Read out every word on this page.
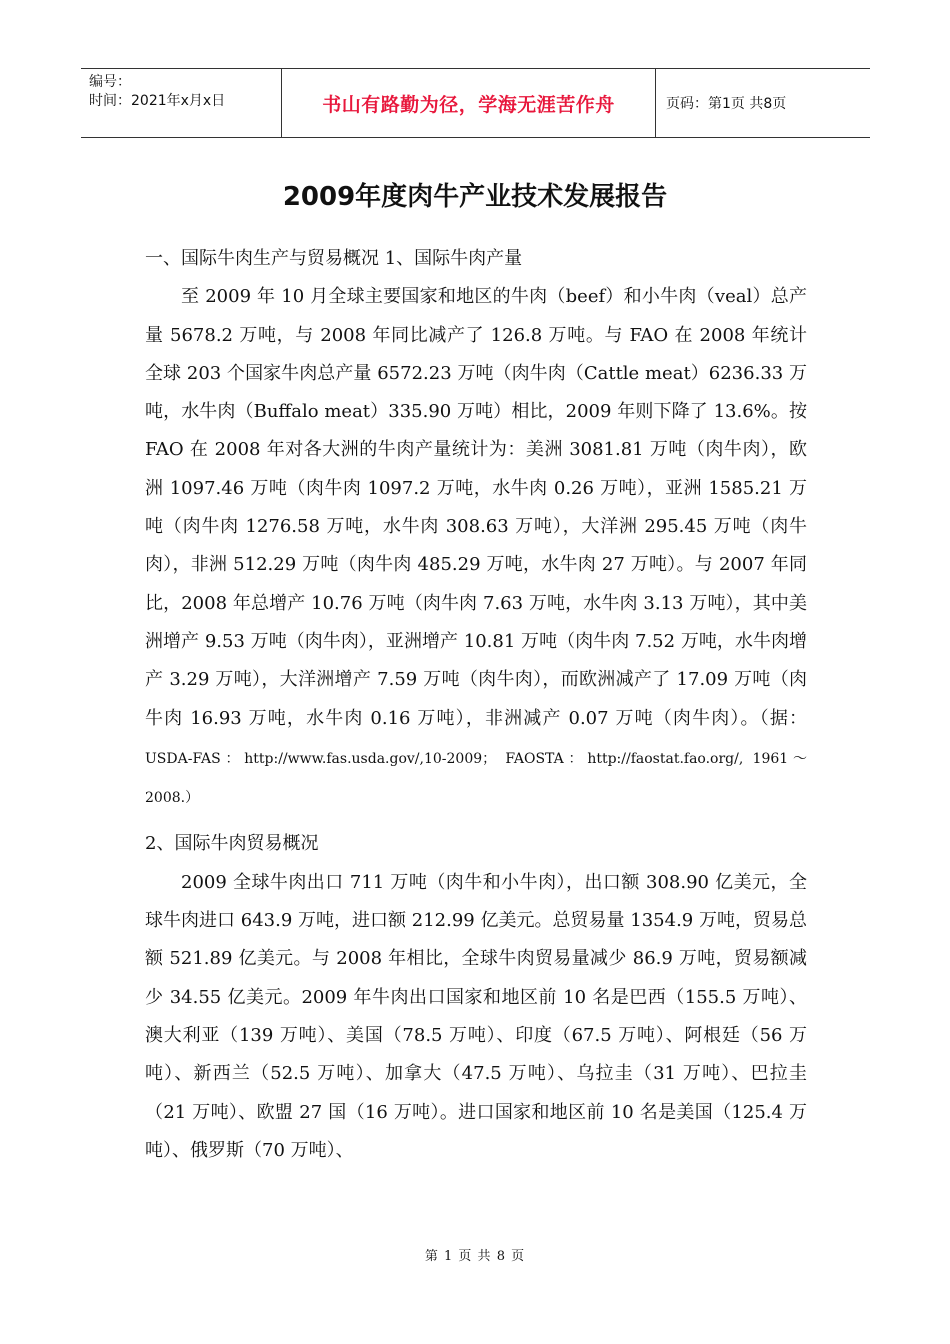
编号：
时间：2021年x月x日	书山有路勤为径，学海无涯苦作舟	页码：第1页 共8页
2009年度肉牛产业技术发展报告

一、国际牛肉生产与贸易概况 1、国际牛肉产量

至 2009 年 10 月全球主要国家和地区的牛肉（beef）和小牛肉（veal）总产量 5678.2 万吨，与 2008 年同比减产了 126.8 万吨。与 FAO 在 2008 年统计全球 203 个国家牛肉总产量 6572.23 万吨（肉牛肉（Cattle meat）6236.33 万吨，水牛肉（Buffalo meat）335.90 万吨）相比，2009 年则下降了 13.6%。按 FAO 在 2008 年对各大洲的牛肉产量统计为：美洲 3081.81 万吨（肉牛肉），欧洲 1097.46 万吨（肉牛肉 1097.2 万吨，水牛肉 0.26 万吨），亚洲 1585.21 万吨（肉牛肉 1276.58 万吨，水牛肉 308.63 万吨），大洋洲 295.45 万吨（肉牛肉），非洲 512.29 万吨（肉牛肉 485.29 万吨，水牛肉 27 万吨）。与 2007 年同比，2008 年总增产 10.76 万吨（肉牛肉 7.63 万吨，水牛肉 3.13 万吨），其中美洲增产 9.53 万吨（肉牛肉），亚洲增产 10.81 万吨（肉牛肉 7.52 万吨，水牛肉增产 3.29 万吨），大洋洲增产 7.59 万吨（肉牛肉），而欧洲减产了 17.09 万吨（肉牛肉 16.93 万吨，水牛肉 0.16 万吨），非洲减产 0.07 万吨（肉牛肉）。（据： USDA-FAS：http://www.fas.usda.gov/,10-2009； FAOSTA：http://faostat.fao.org/, 1961～2008.）

2、国际牛肉贸易概况

2009 全球牛肉出口 711 万吨（肉牛和小牛肉），出口额 308.90 亿美元，全球牛肉进口 643.9 万吨，进口额 212.99 亿美元。总贸易量 1354.9 万吨，贸易总额 521.89 亿美元。与 2008 年相比，全球牛肉贸易量减少 86.9 万吨，贸易额减少 34.55 亿美元。2009 年牛肉出口国家和地区前 10 名是巴西（155.5 万吨）、澳大利亚（139 万吨）、美国（78.5 万吨）、印度（67.5 万吨）、阿根廷（56 万吨）、新西兰（52.5 万吨）、加拿大（47.5 万吨）、乌拉圭（31 万吨）、巴拉圭（21 万吨）、欧盟 27 国（16 万吨）。进口国家和地区前 10 名是美国（125.4 万吨）、俄罗斯（70 万吨）、

第 1 页 共 8 页
